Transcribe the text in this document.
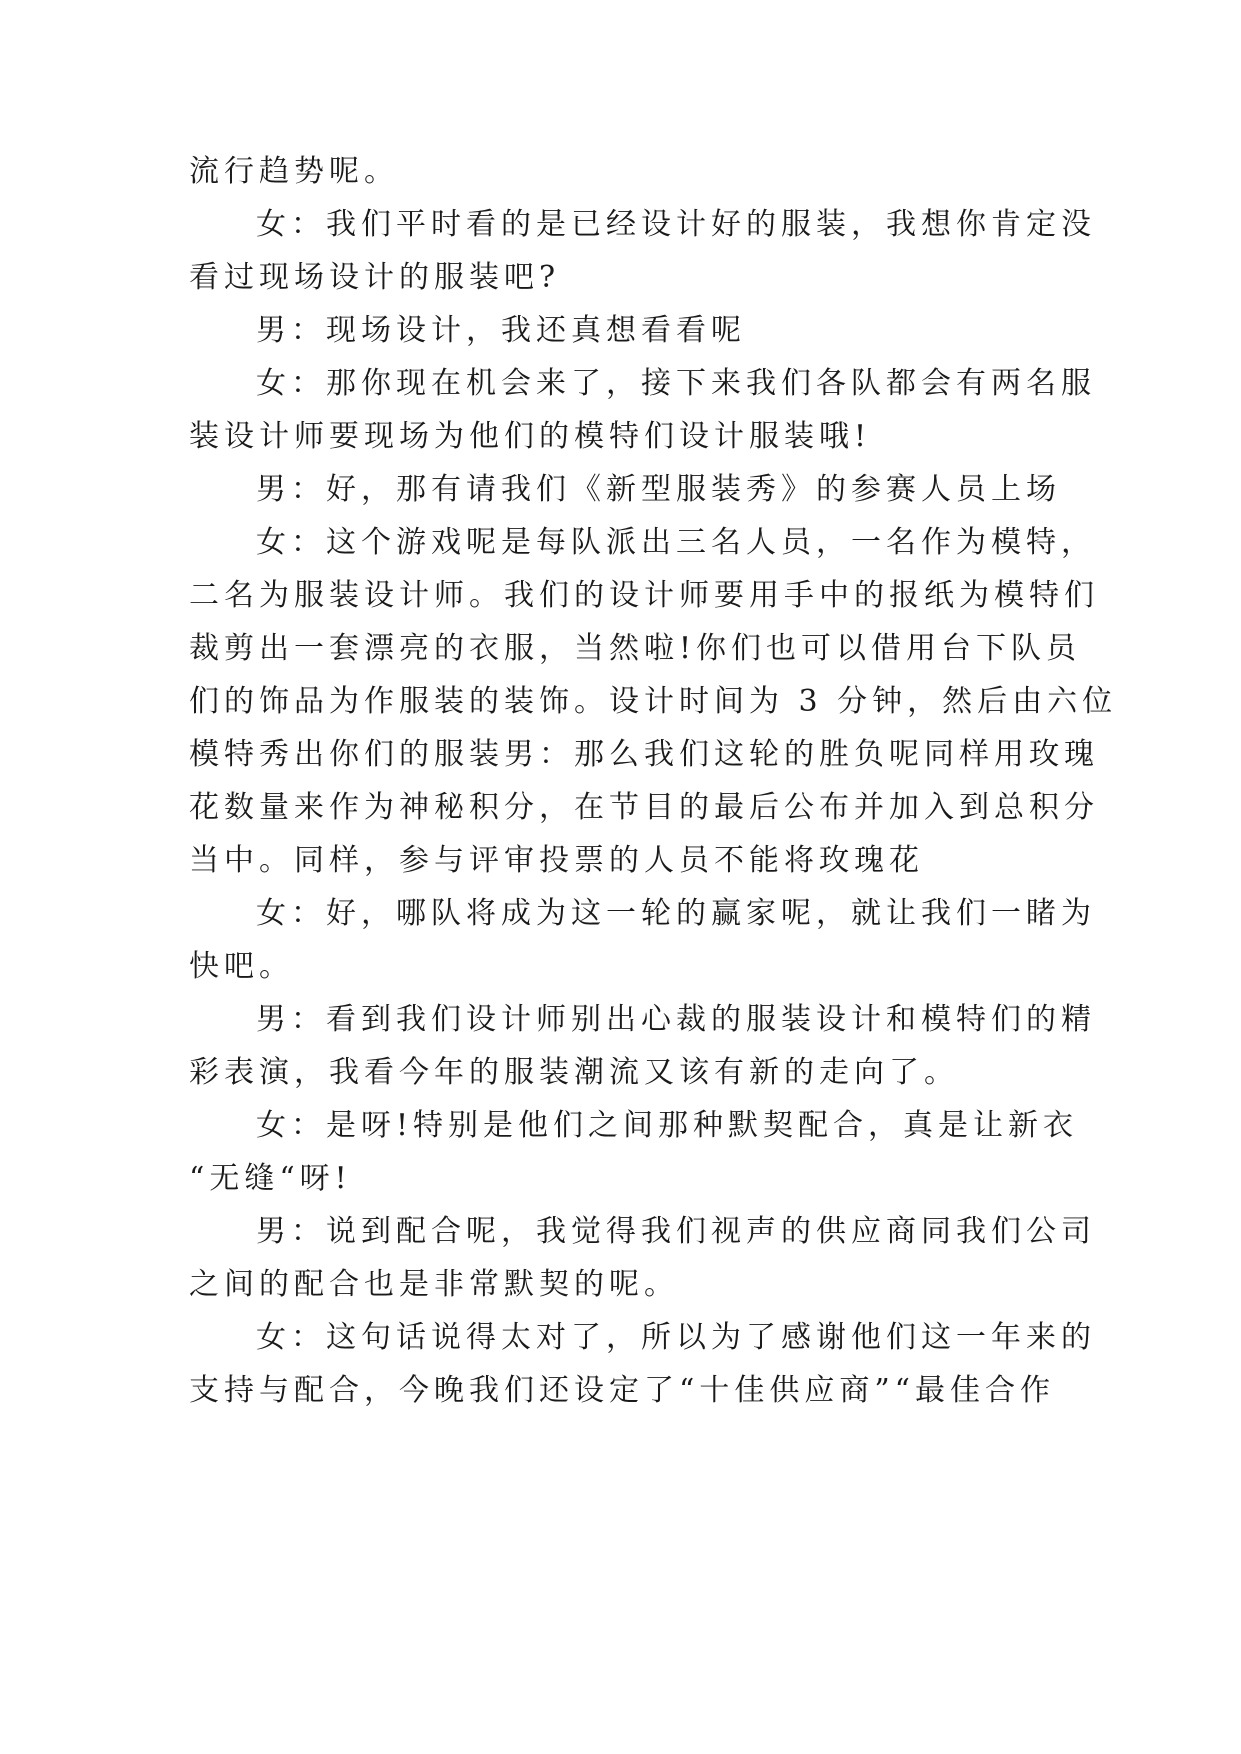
流行趋势呢。
女：我们平时看的是已经设计好的服装，我想你肯定没
看过现场设计的服装吧?
男：现场设计，我还真想看看呢
女：那你现在机会来了，接下来我们各队都会有两名服
装设计师要现场为他们的模特们设计服装哦!
男：好，那有请我们《新型服装秀》的参赛人员上场
女：这个游戏呢是每队派出三名人员，一名作为模特，
二名为服装设计师。我们的设计师要用手中的报纸为模特们
裁剪出一套漂亮的衣服，当然啦!你们也可以借用台下队员
们的饰品为作服装的装饰。设计时间为 3 分钟，然后由六位
模特秀出你们的服装男：那么我们这轮的胜负呢同样用玫瑰
花数量来作为神秘积分，在节目的最后公布并加入到总积分
当中。同样，参与评审投票的人员不能将玫瑰花
女：好，哪队将成为这一轮的赢家呢，就让我们一睹为
快吧。
男：看到我们设计师别出心裁的服装设计和模特们的精
彩表演，我看今年的服装潮流又该有新的走向了。
女：是呀!特别是他们之间那种默契配合，真是让新衣
“无缝“呀!
男：说到配合呢，我觉得我们视声的供应商同我们公司
之间的配合也是非常默契的呢。
女：这句话说得太对了，所以为了感谢他们这一年来的
支持与配合，今晚我们还设定了“十佳供应商”“最佳合作
